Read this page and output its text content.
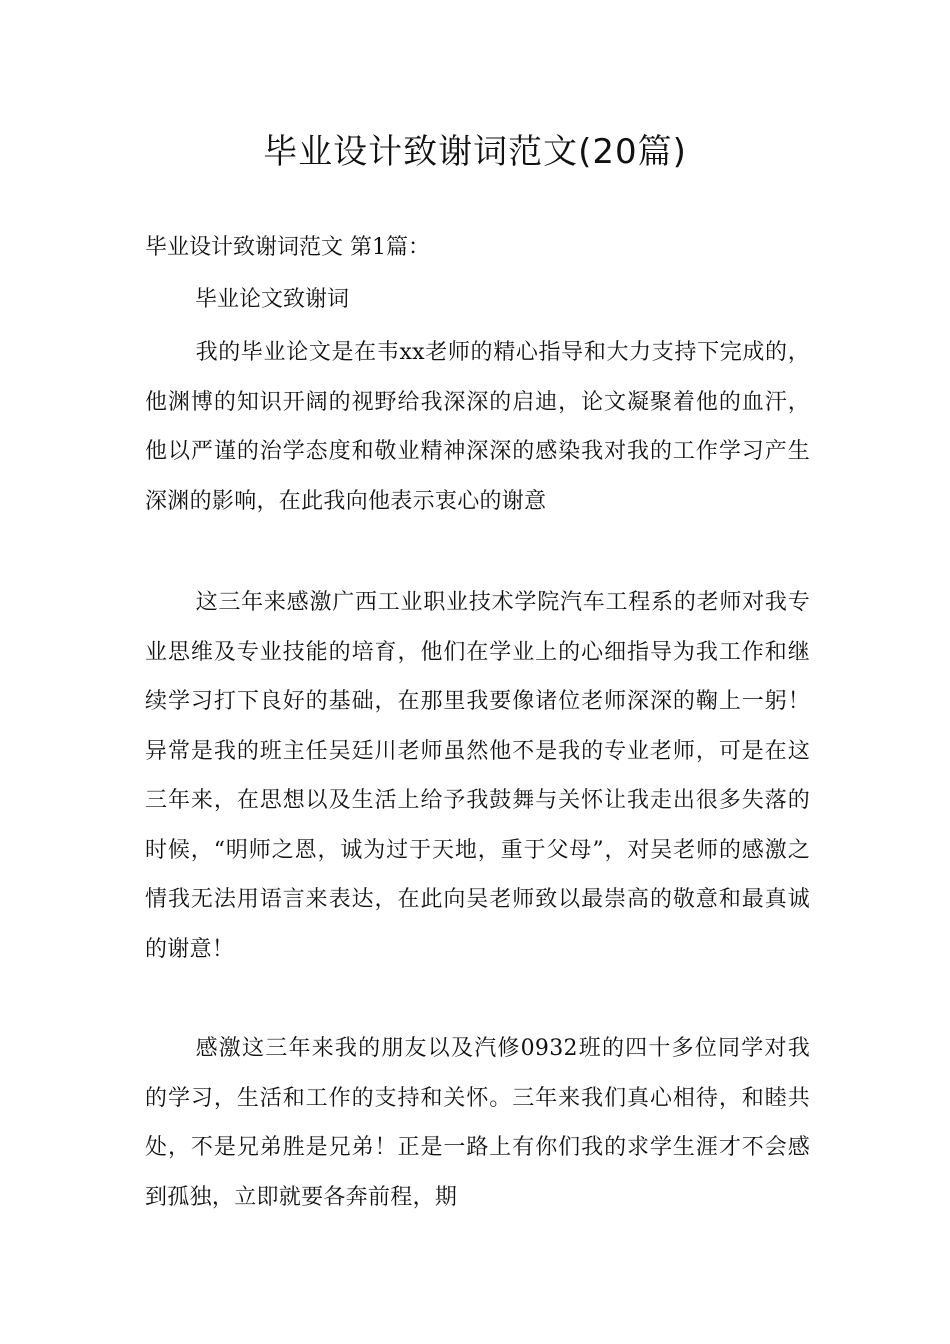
毕业设计致谢词范文(20篇)

毕业设计致谢词范文 第1篇：

毕业论文致谢词

我的毕业论文是在韦xx老师的精心指导和大力支持下完成的，他渊博的知识开阔的视野给我深深的启迪，论文凝聚着他的血汗，他以严谨的治学态度和敬业精神深深的感染我对我的工作学习产生深渊的影响，在此我向他表示衷心的谢意

这三年来感激广西工业职业技术学院汽车工程系的老师对我专业思维及专业技能的培育，他们在学业上的心细指导为我工作和继续学习打下良好的基础，在那里我要像诸位老师深深的鞠上一躬！异常是我的班主任吴廷川老师虽然他不是我的专业老师，可是在这三年来，在思想以及生活上给予我鼓舞与关怀让我走出很多失落的时候，“明师之恩，诚为过于天地，重于父母”，对吴老师的感激之情我无法用语言来表达，在此向吴老师致以最崇高的敬意和最真诚的谢意！

感激这三年来我的朋友以及汽修0932班的四十多位同学对我的学习，生活和工作的支持和关怀。三年来我们真心相待，和睦共处，不是兄弟胜是兄弟！正是一路上有你们我的求学生涯才不会感到孤独，立即就要各奔前程，期
